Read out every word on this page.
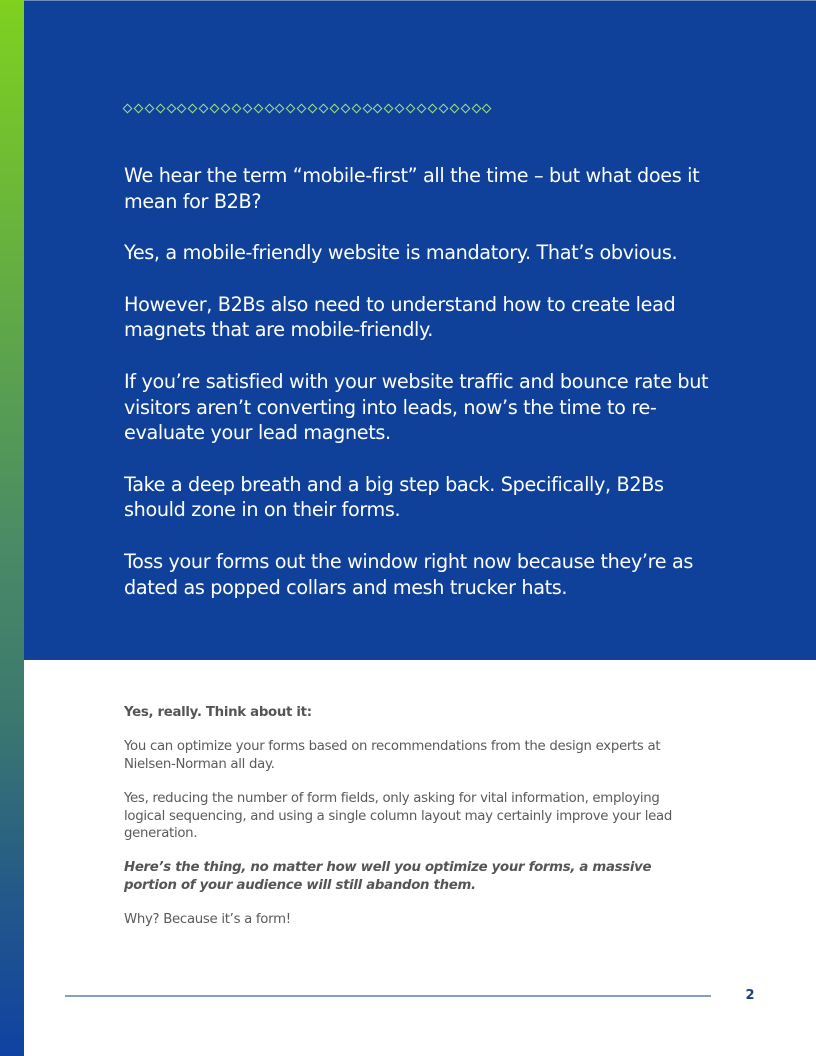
We hear the term “mobile-first” all the time – but what does it mean for B2B?

Yes, a mobile-friendly website is mandatory. That’s obvious.

However, B2Bs also need to understand how to create lead magnets that are mobile-friendly.

If you’re satisfied with your website traffic and bounce rate but visitors aren’t converting into leads, now’s the time to re-evaluate your lead magnets.

Take a deep breath and a big step back. Specifically, B2Bs should zone in on their forms.

Toss your forms out the window right now because they’re as dated as popped collars and mesh trucker hats.

Yes, really. Think about it:

You can optimize your forms based on recommendations from the design experts at Nielsen-Norman all day.

Yes, reducing the number of form fields, only asking for vital information, employing logical sequencing, and using a single column layout may certainly improve your lead generation.

Here’s the thing, no matter how well you optimize your forms, a massive portion of your audience will still abandon them.

Why? Because it’s a form!

2
